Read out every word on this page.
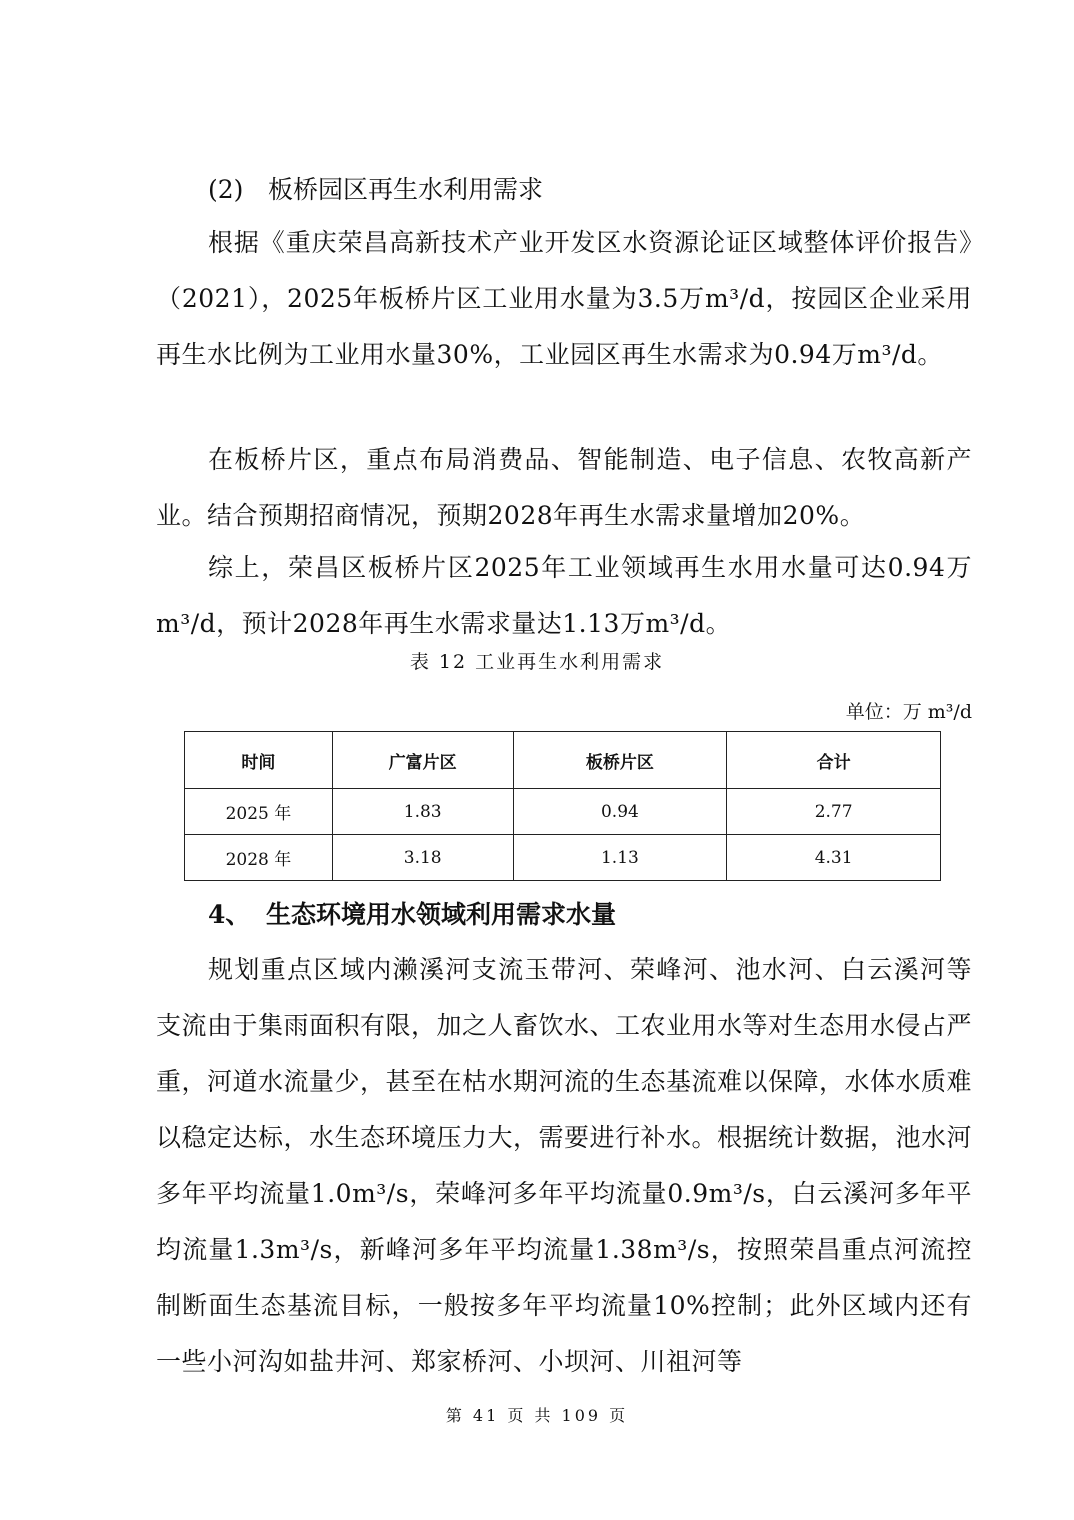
(2) 板桥园区再生水利用需求
根据《重庆荣昌高新技术产业开发区水资源论证区域整体评价报告》（2021），2025年板桥片区工业用水量为3.5万m³/d，按园区企业采用再生水比例为工业用水量30%，工业园区再生水需求为0.94万m³/d。
在板桥片区，重点布局消费品、智能制造、电子信息、农牧高新产业。结合预期招商情况，预期2028年再生水需求量增加20%。
综上，荣昌区板桥片区2025年工业领域再生水用水量可达0.94万m³/d，预计2028年再生水需求量达1.13万m³/d。
表 12 工业再生水利用需求
单位：万 m³/d
时间	广富片区	板桥片区	合计
2025 年	1.83	0.94	2.77
2028 年	3.18	1.13	4.31
4、 生态环境用水领域利用需求水量
规划重点区域内濑溪河支流玉带河、荣峰河、池水河、白云溪河等支流由于集雨面积有限，加之人畜饮水、工农业用水等对生态用水侵占严重，河道水流量少，甚至在枯水期河流的生态基流难以保障，水体水质难以稳定达标，水生态环境压力大，需要进行补水。根据统计数据，池水河多年平均流量1.0m³/s，荣峰河多年平均流量0.9m³/s，白云溪河多年平均流量1.3m³/s，新峰河多年平均流量1.38m³/s，按照荣昌重点河流控制断面生态基流目标，一般按多年平均流量10%控制；此外区域内还有一些小河沟如盐井河、郑家桥河、小坝河、川祖河等
第 41 页 共 109 页
